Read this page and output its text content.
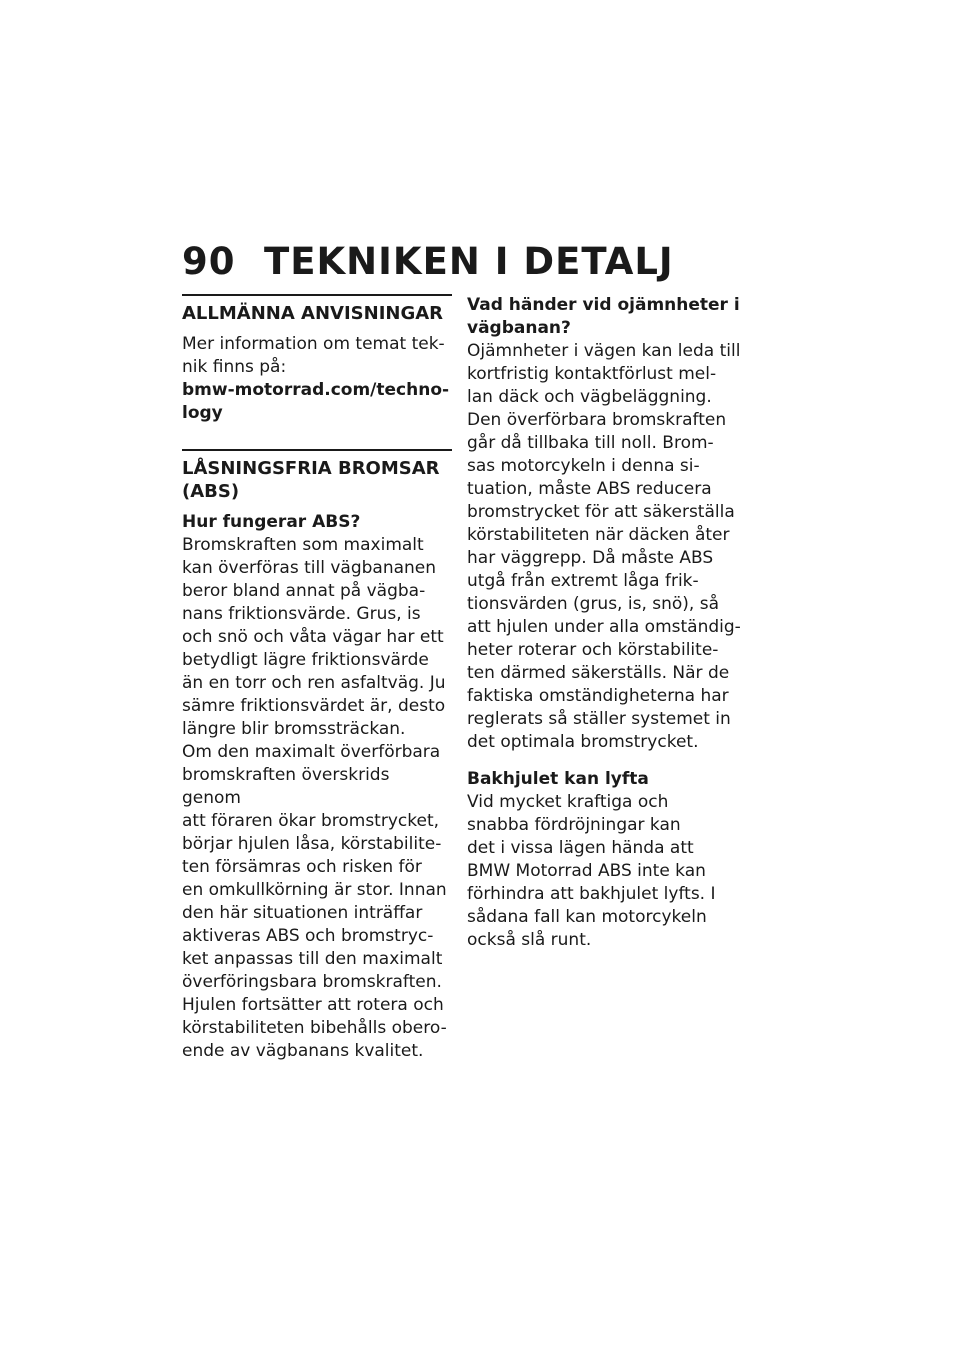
90 TEKNIKEN I DETALJ
ALLMÄNNA ANVISNINGAR

Mer information om temat tek-
nik finns på:

bmw-motorrad.com/techno-
logy

LÅSNINGSFRIA BROMSAR
(ABS)

Hur fungerar ABS?

Bromskraften som maximalt
kan överföras till vägbananen
beror bland annat på vägba-
nans friktionsvärde. Grus, is
och snö och våta vägar har ett
betydligt lägre friktionsvärde
än en torr och ren asfaltväg. Ju
sämre friktionsvärdet är, desto
längre blir bromssträckan.

Om den maximalt överförbara
bromskraften överskrids genom
att föraren ökar bromstrycket,
börjar hjulen låsa, körstabilite-
ten försämras och risken för
en omkullkörning är stor. Innan
den här situationen inträffar
aktiveras ABS och bromstryc-
ket anpassas till den maximalt
överföringsbara bromskraften.
Hjulen fortsätter att rotera och
körstabiliteten bibehålls obero-
ende av vägbanans kvalitet.

Vad händer vid ojämnheter i
vägbanan?

Ojämnheter i vägen kan leda till
kortfristig kontaktförlust mel-
lan däck och vägbeläggning.
Den överförbara bromskraften
går då tillbaka till noll. Brom-
sas motorcykeln i denna si-
tuation, måste ABS reducera
bromstrycket för att säkerställa
körstabiliteten när däcken åter
har väggrepp. Då måste ABS
utgå från extremt låga frik-
tionsvärden (grus, is, snö), så
att hjulen under alla omständig-
heter roterar och körstabilite-
ten därmed säkerställs. När de
faktiska omständigheterna har
reglerats så ställer systemet in
det optimala bromstrycket.

Bakhjulet kan lyfta

Vid mycket kraftiga och
snabba fördröjningar kan
det i vissa lägen hända att
BMW Motorrad ABS inte kan
förhindra att bakhjulet lyfts. I
sådana fall kan motorcykeln
också slå runt.
